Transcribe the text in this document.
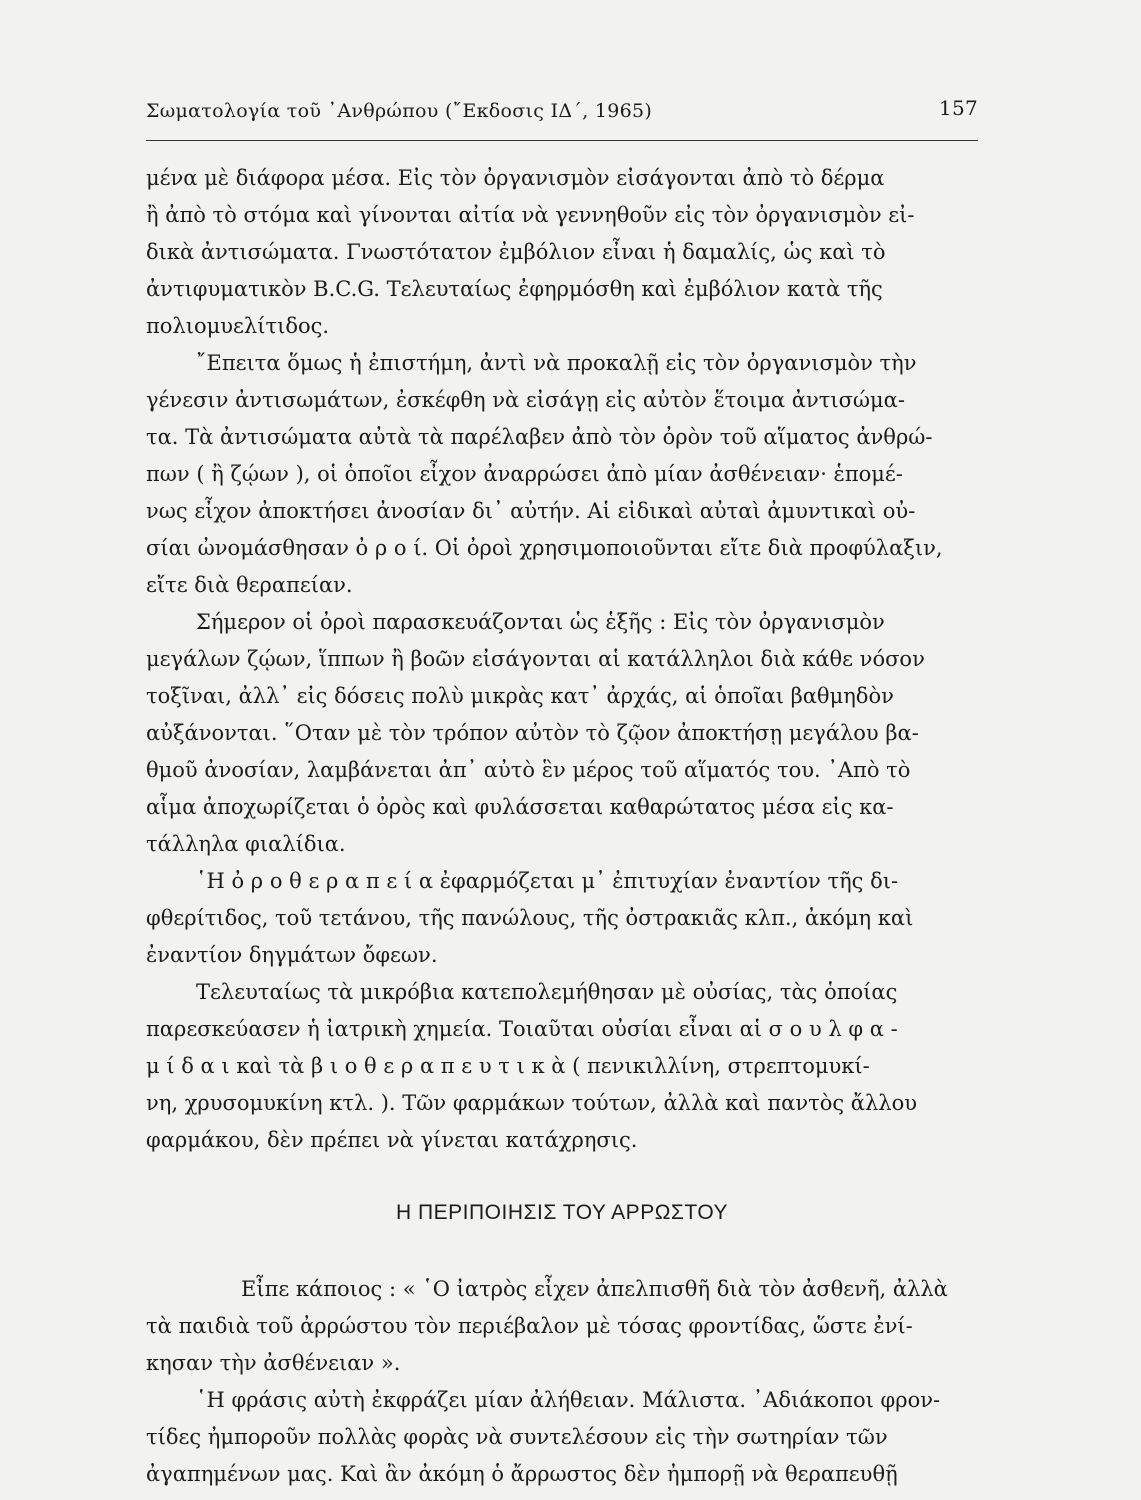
Σωματολογία τοῦ ᾿Ανθρώπου (῎Εκδοσις ΙΔ΄, 1965)	157
μένα μὲ διάφορα μέσα. Εἰς τὸν ὀργανισμὸν εἰσάγονται ἀπὸ τὸ δέρμα
ἢ ἀπὸ τὸ στόμα καὶ γίνονται αἰτία νὰ γεννηθοῦν εἰς τὸν ὀργανισμὸν εἰ-
δικὰ ἀντισώματα. Γνωστότατον ἐμβόλιον εἶναι ἡ δαμαλίς, ὡς καὶ τὸ
ἀντιφυματικὸν B.C.G. Τελευταίως ἐφηρμόσθη καὶ ἐμβόλιον κατὰ τῆς
πολιομυελίτιδος.
῎Επειτα ὅμως ἡ ἐπιστήμη, ἀντὶ νὰ προκαλῇ εἰς τὸν ὀργανισμὸν τὴν
γένεσιν ἀντισωμάτων, ἐσκέφθη νὰ εἰσάγῃ εἰς αὐτὸν ἕτοιμα ἀντισώμα-
τα. Τὰ ἀντισώματα αὐτὰ τὰ παρέλαβεν ἀπὸ τὸν ὀρὸν τοῦ αἵματος ἀνθρώ-
πων ( ἢ ζῴων ), οἱ ὁποῖοι εἶχον ἀναρρώσει ἀπὸ μίαν ἀσθένειαν· ἑπομέ-
νως εἶχον ἀποκτήσει ἀνοσίαν δι᾿ αὐτήν. Αἱ εἰδικαὶ αὐταὶ ἀμυντικαὶ οὐ-
σίαι ὠνομάσθησαν ὀ ρ ο ί. Οἱ ὀροὶ χρησιμοποιοῦνται εἴτε διὰ προφύλαξιν,
εἴτε διὰ θεραπείαν.
Σήμερον οἱ ὀροὶ παρασκευάζονται ὡς ἑξῆς : Εἰς τὸν ὀργανισμὸν
μεγάλων ζῴων, ἵππων ἢ βοῶν εἰσάγονται αἱ κατάλληλοι διὰ κάθε νόσον
τοξῖναι, ἀλλ᾿ εἰς δόσεις πολὺ μικρὰς κατ᾿ ἀρχάς, αἱ ὁποῖαι βαθμηδὸν
αὐξάνονται. ῞Οταν μὲ τὸν τρόπον αὐτὸν τὸ ζῷον ἀποκτήσῃ μεγάλου βα-
θμοῦ ἀνοσίαν, λαμβάνεται ἀπ᾿ αὐτὸ ἓν μέρος τοῦ αἵματός του. ᾿Απὸ τὸ
αἷμα ἀποχωρίζεται ὁ ὀρὸς καὶ φυλάσσεται καθαρώτατος μέσα εἰς κα-
τάλληλα φιαλίδια.
῾Η ὀ ρ ο θ ε ρ α π ε ί α ἐφαρμόζεται μ᾿ ἐπιτυχίαν ἐναντίον τῆς δι-
φθερίτιδος, τοῦ τετάνου, τῆς πανώλους, τῆς ὀστρακιᾶς κλπ., ἀκόμη καὶ
ἐναντίον δηγμάτων ὄφεων.
Τελευταίως τὰ μικρόβια κατεπολεμήθησαν μὲ οὐσίας, τὰς ὁποίας
παρεσκεύασεν ἡ ἰατρικὴ χημεία. Τοιαῦται οὐσίαι εἶναι αἱ σ ο υ λ φ α -
μ ί δ α ι καὶ τὰ β ι ο θ ε ρ α π ε υ τ ι κ ὰ ( πενικιλλίνη, στρεπτομυκί-
νη, χρυσομυκίνη κτλ. ). Τῶν φαρμάκων τούτων, ἀλλὰ καὶ παντὸς ἄλλου
φαρμάκου, δὲν πρέπει νὰ γίνεται κατάχρησις.
Η ΠΕΡΙΠΟΙΗΣΙΣ ΤΟΥ ΑΡΡΩΣΤΟΥ
Εἶπε κάποιος : « ῾Ο ἰατρὸς εἶχεν ἀπελπισθῆ διὰ τὸν ἀσθενῆ, ἀλλὰ
τὰ παιδιὰ τοῦ ἀρρώστου τὸν περιέβαλον μὲ τόσας φροντίδας, ὥστε ἐνί-
κησαν τὴν ἀσθένειαν ».
῾Η φράσις αὐτὴ ἐκφράζει μίαν ἀλήθειαν. Μάλιστα. ᾿Αδιάκοποι φρον-
τίδες ἠμποροῦν πολλὰς φορὰς νὰ συντελέσουν εἰς τὴν σωτηρίαν τῶν
ἀγαπημένων μας. Καὶ ἂν ἀκόμη ὁ ἄρρωστος δὲν ἠμπορῇ νὰ θεραπευθῇ
